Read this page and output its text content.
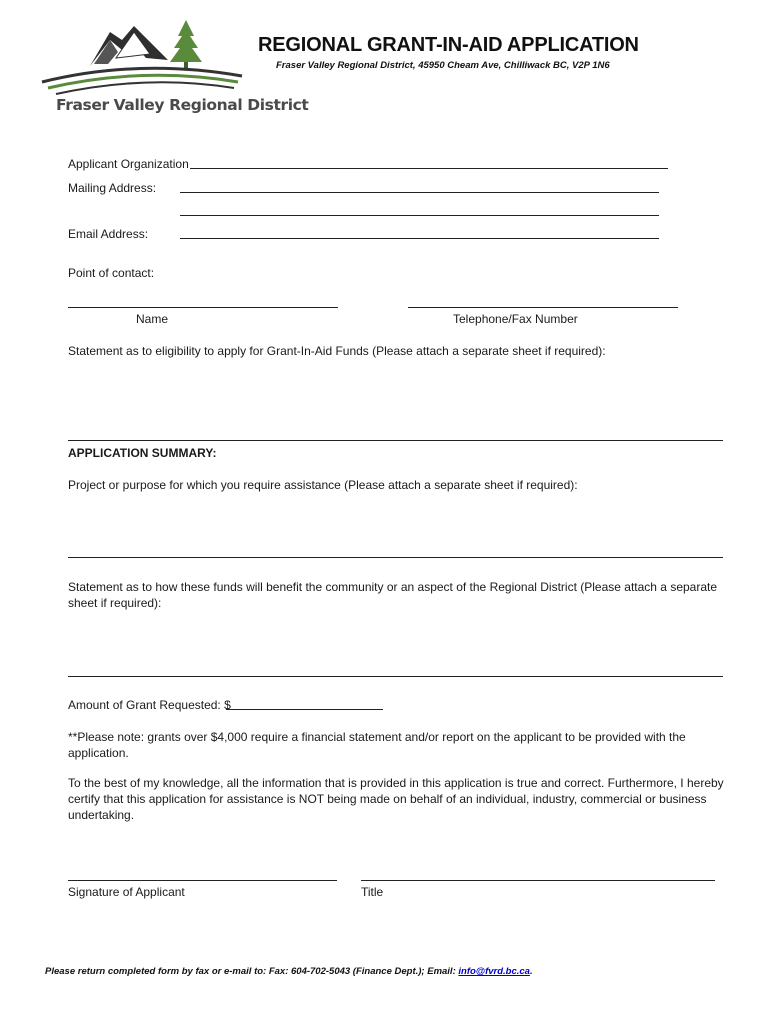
Fraser Valley Regional District
REGIONAL GRANT-IN-AID APPLICATION
Fraser Valley Regional District, 45950 Cheam Ave, Chilliwack BC, V2P 1N6
Applicant Organization
Mailing Address:
Email Address:
Point of contact:
Name	Telephone/Fax Number
Statement as to eligibility to apply for Grant-In-Aid Funds (Please attach a separate sheet if required):
APPLICATION SUMMARY:
Project or purpose for which you require assistance (Please attach a separate sheet if required):
Statement as to how these funds will benefit the community or an aspect of the Regional District (Please attach a separate
sheet if required):
Amount of Grant Requested: $
**Please note: grants over $4,000 require a financial statement and/or report on the applicant to be provided with the
application.
To the best of my knowledge, all the information that is provided in this application is true and correct. Furthermore, I hereby
certify that this application for assistance is NOT being made on behalf of an individual, industry, commercial or business
undertaking.
Signature of Applicant	Title
Please return completed form by fax or e-mail to: Fax: 604-702-5043 (Finance Dept.); Email: info@fvrd.bc.ca.
